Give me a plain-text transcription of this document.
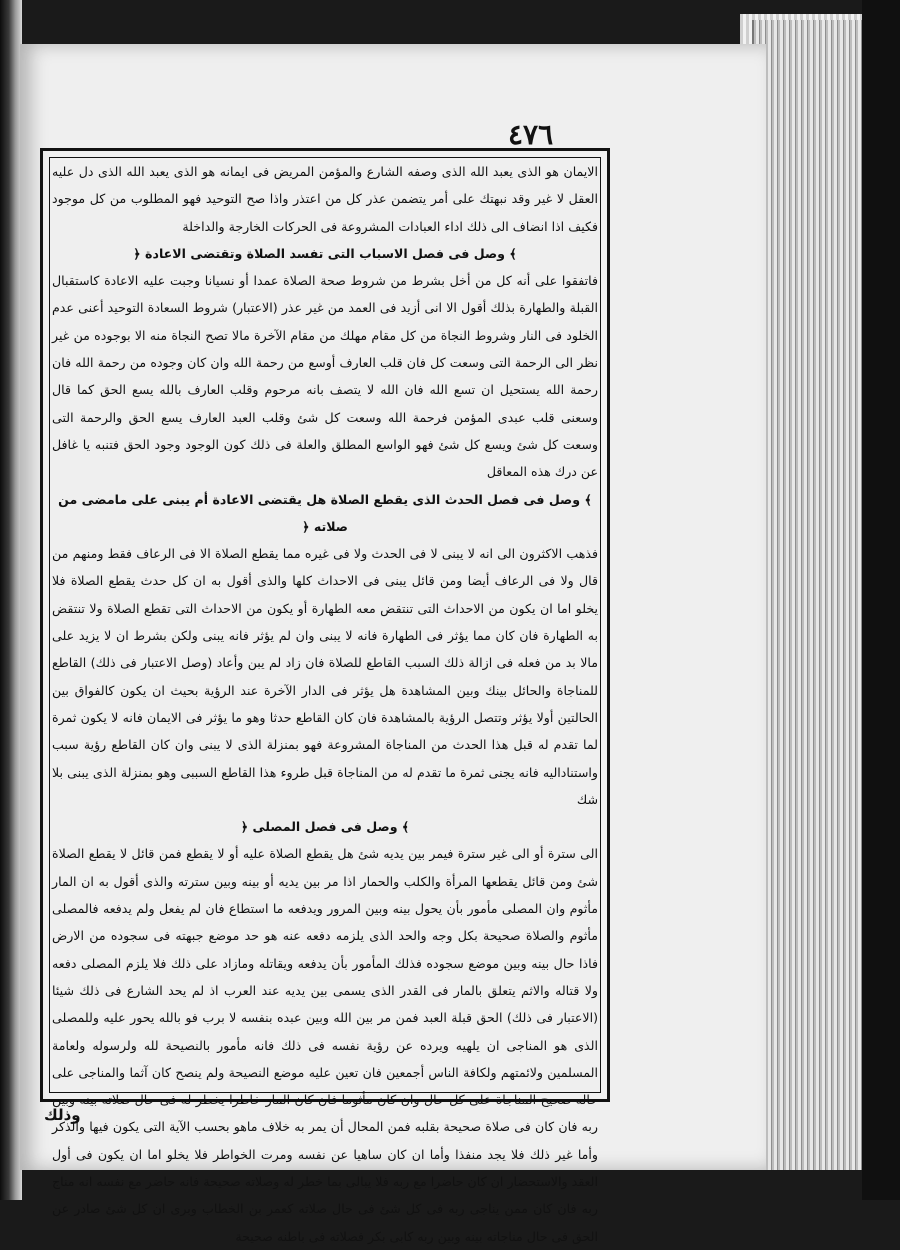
٤٧٦

الايمان هو الذى يعبد الله الذى وصفه الشارع والمؤمن المريض فى ايمانه هو الذى يعبد الله الذى دل عليه العقل لا غير وقد نبهتك على أمر يتضمن عذر كل من اعتذر واذا صح التوحيد فهو المطلوب من كل موجود فكيف اذا انضاف الى ذلك اداء العبادات المشروعة فى الحركات الخارجة والداخلة

﴾ وصل فى فصل الاسباب التى تفسد الصلاة وتقتضى الاعادة ﴿

فاتفقوا على أنه كل من أخل بشرط من شروط صحة الصلاة عمدا أو نسيانا وجبت عليه الاعادة كاستقبال القبلة والطهارة بذلك أقول الا انى أزيد فى العمد من غير عذر (الاعتبار) شروط السعادة التوحيد أعنى عدم الخلود فى النار وشروط النجاة من كل مقام مهلك من مقام الآخرة مالا تصح النجاة منه الا بوجوده من غير نظر الى الرحمة التى وسعت كل فان قلب العارف أوسع من رحمة الله وان كان وجوده من رحمة الله فان رحمة الله يستحيل ان تسع الله فان الله لا يتصف بانه مرحوم وقلب العارف بالله يسع الحق كما قال وسعنى قلب عبدى المؤمن فرحمة الله وسعت كل شئ وقلب العبد العارف يسع الحق والرحمة التى وسعت كل شئ ويسع كل شئ فهو الواسع المطلق والعلة فى ذلك كون الوجود وجود الحق فتنبه يا غافل عن درك هذه المعاقل

﴾ وصل فى فصل الحدث الذى يقطع الصلاة هل يقتضى الاعادة أم يبنى على مامضى من صلاته ﴿

فذهب الاكثرون الى انه لا يبنى لا فى الحدث ولا فى غيره مما يقطع الصلاة الا فى الرعاف فقط ومنهم من قال ولا فى الرعاف أيضا ومن قائل يبنى فى الاحداث كلها والذى أقول به ان كل حدث يقطع الصلاة فلا يخلو اما ان يكون من الاحداث التى تنتقض معه الطهارة أو يكون من الاحداث التى تقطع الصلاة ولا تنتقض به الطهارة فان كان مما يؤثر فى الطهارة فانه لا يبنى وان لم يؤثر فانه يبنى ولكن بشرط ان لا يزيد على مالا بد من فعله فى ازالة ذلك السبب القاطع للصلاة فان زاد لم يبن وأعاد (وصل الاعتبار فى ذلك) القاطع للمناجاة والحائل بينك وبين المشاهدة هل يؤثر فى الدار الآخرة عند الرؤية بحيث ان يكون كالفواق بين الحالتين أولا يؤثر وتتصل الرؤية بالمشاهدة فان كان القاطع حدثا وهو ما يؤثر فى الايمان فانه لا يكون ثمرة لما تقدم له قبل هذا الحدث من المناجاة المشروعة فهو بمنزلة الذى لا يبنى وان كان القاطع رؤية سبب واستناداليه فانه يجنى ثمرة ما تقدم له من المناجاة قبل طروء هذا القاطع السببى وهو بمنزلة الذى يبنى بلا شك

﴾ وصل فى فصل المصلى ﴿

الى سترة أو الى غير سترة فيمر بين يديه شئ هل يقطع الصلاة عليه أو لا يقطع فمن قائل لا يقطع الصلاة شئ ومن قائل يقطعها المرأة والكلب والحمار اذا مر بين يديه أو بينه وبين سترته والذى أقول به ان المار مأثوم وان المصلى مأمور بأن يحول بينه وبين المرور ويدفعه ما استطاع فان لم يفعل ولم يدفعه فالمصلى مأثوم والصلاة صحيحة بكل وجه والحد الذى يلزمه دفعه عنه هو حد موضع جبهته فى سجوده من الارض فاذا حال بينه وبين موضع سجوده فذلك المأمور بأن يدفعه ويقاتله ومازاد على ذلك فلا يلزم المصلى دفعه ولا قتاله والاثم يتعلق بالمار فى القدر الذى يسمى بين يديه عند العرب اذ لم يحد الشارع فى ذلك شيئا (الاعتبار فى ذلك) الحق قبلة العبد فمن مر بين الله وبين عبده بنفسه لا برب فو بالله يحور عليه وللمصلى الذى هو المناجى ان يلهيه ويرده عن رؤية نفسه فى ذلك فانه مأمور بالنصيحة لله ولرسوله ولعامة المسلمين ولائمتهم ولكافة الناس أجمعين فان تعين عليه موضع النصيحة ولم ينصح كان آثما والمناجى على حاله صحيح المناجاة على كل حال وان كان مأثوما فان كان المار خاطرا يخطر له فى حال صلاته بينه وبين ربه فان كان فى صلاة صحيحة بقلبه فمن المحال أن يمر به خلاف ماهو بحسب الآية التى يكون فيها والذكر وأما غير ذلك فلا يجد منفذا وأما ان كان ساهيا عن نفسه ومرت الخواطر فلا يخلو اما ان يكون فى أول العقد والاستحضار ان كان حاضرا مع ربه فلا يبالى بما خطر له وصلاته صحيحة فانه حاضر مع نفسه انه مناج ربه فان كان ممن يناجى ربه فى كل شئ فى حال صلاته كعمر بن الخطاب وبرى ان كل شئ صادر عن الحق فى حال مناجاته بينه وبين ربه كابى بكر فصلاته فى باطنه صحيحة

وذلك
